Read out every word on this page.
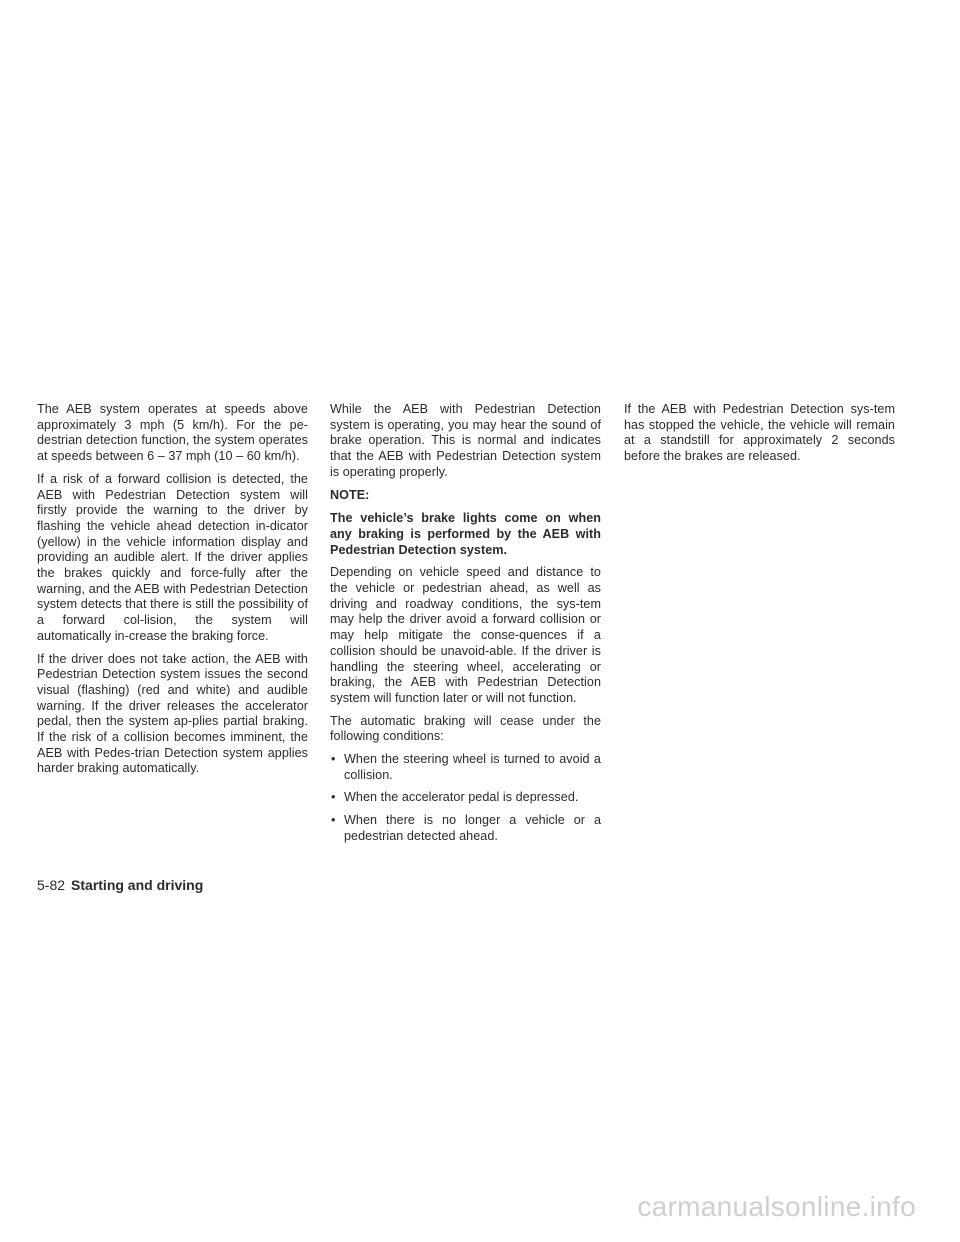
The AEB system operates at speeds above approximately 3 mph (5 km/h). For the pe-destrian detection function, the system operates at speeds between 6 – 37 mph (10 – 60 km/h).

If a risk of a forward collision is detected, the AEB with Pedestrian Detection system will firstly provide the warning to the driver by flashing the vehicle ahead detection in-dicator (yellow) in the vehicle information display and providing an audible alert. If the driver applies the brakes quickly and force-fully after the warning, and the AEB with Pedestrian Detection system detects that there is still the possibility of a forward col-lision, the system will automatically in-crease the braking force.

If the driver does not take action, the AEB with Pedestrian Detection system issues the second visual (flashing) (red and white) and audible warning. If the driver releases the accelerator pedal, then the system ap-plies partial braking. If the risk of a collision becomes imminent, the AEB with Pedes-trian Detection system applies harder braking automatically.

While the AEB with Pedestrian Detection system is operating, you may hear the sound of brake operation. This is normal and indicates that the AEB with Pedestrian Detection system is operating properly.

NOTE:

The vehicle’s brake lights come on when any braking is performed by the AEB with Pedestrian Detection system.

Depending on vehicle speed and distance to the vehicle or pedestrian ahead, as well as driving and roadway conditions, the sys-tem may help the driver avoid a forward collision or may help mitigate the conse-quences if a collision should be unavoid-able. If the driver is handling the steering wheel, accelerating or braking, the AEB with Pedestrian Detection system will function later or will not function.

The automatic braking will cease under the following conditions:

• When the steering wheel is turned to avoid a collision.
• When the accelerator pedal is depressed.
• When there is no longer a vehicle or a pedestrian detected ahead.

If the AEB with Pedestrian Detection sys-tem has stopped the vehicle, the vehicle will remain at a standstill for approximately 2 seconds before the brakes are released.

5-82 Starting and driving
carmanualsonline.info
